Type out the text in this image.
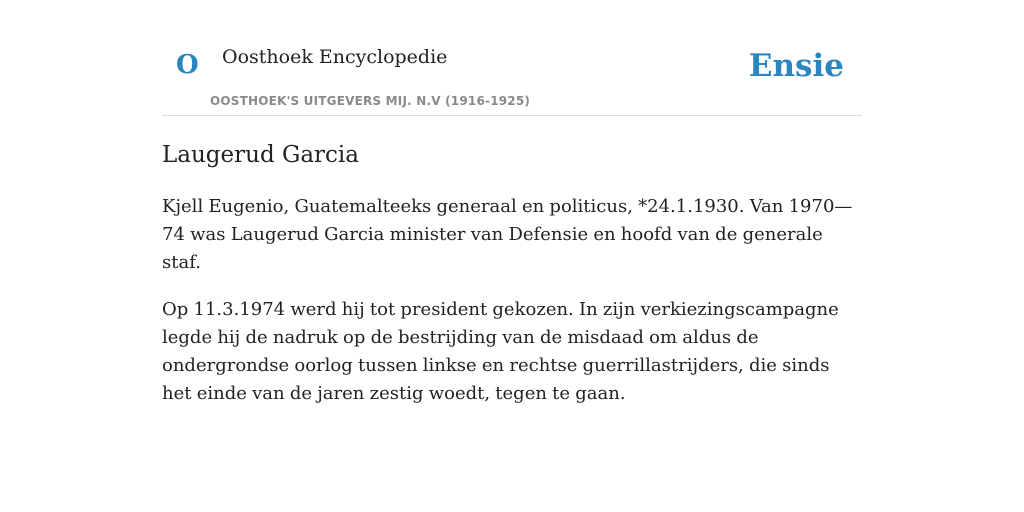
O Oosthoek Encyclopedie
OOSTHOEK'S UITGEVERS MIJ. N.V (1916-1925)
Ensie
Laugerud Garcia

Kjell Eugenio, Guatemalteeks generaal en politicus, *24.1.1930. Van 1970—74 was Laugerud Garcia minister van Defensie en hoofd van de generale staf.

Op 11.3.1974 werd hij tot president gekozen. In zijn verkiezingscampagne legde hij de nadruk op de bestrijding van de misdaad om aldus de ondergrondse oorlog tussen linkse en rechtse guerrillastrijders, die sinds het einde van de jaren zestig woedt, tegen te gaan.
